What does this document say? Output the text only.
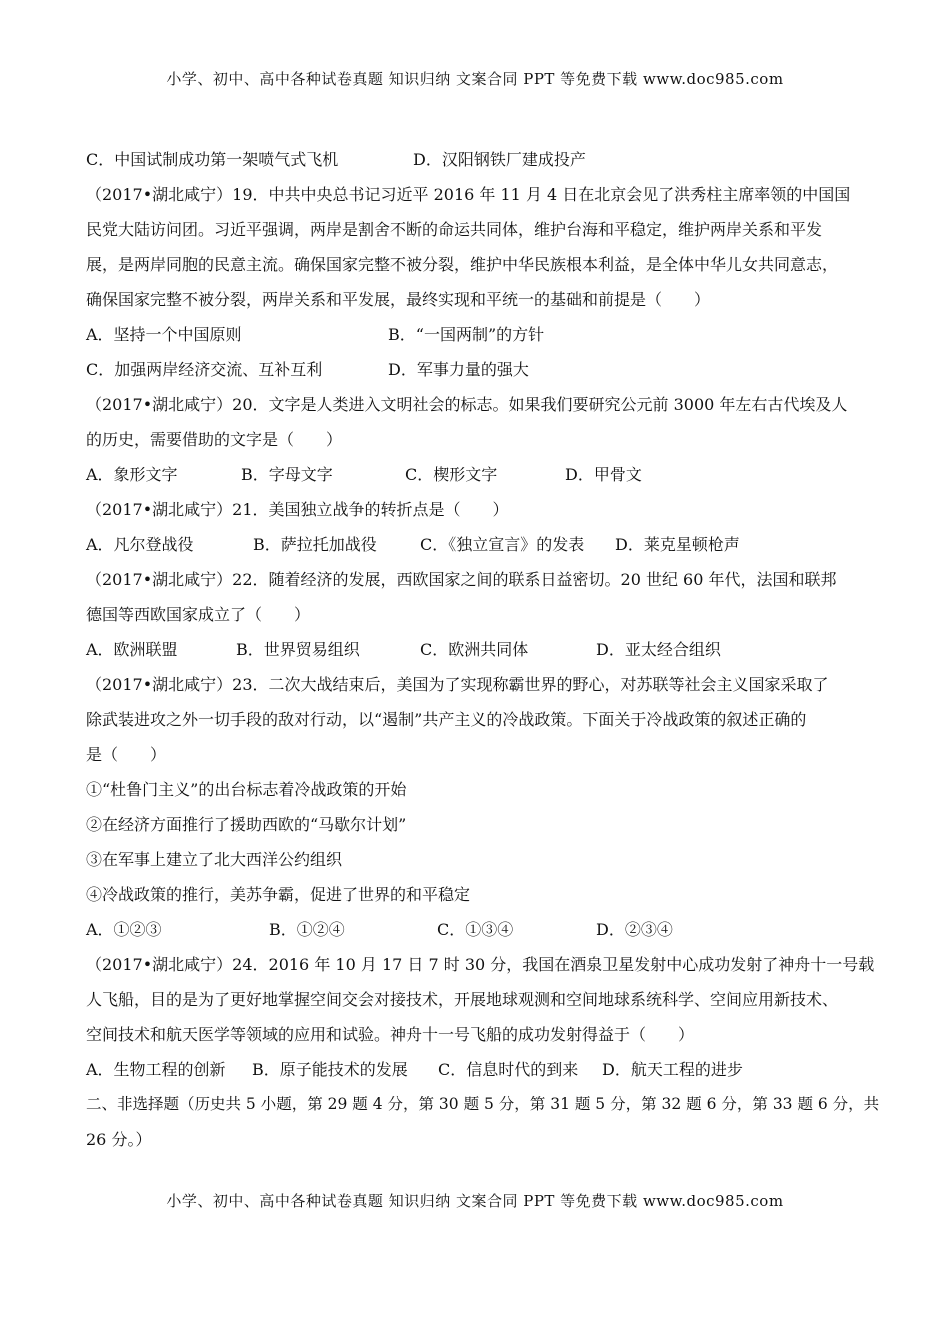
小学、初中、高中各种试卷真题 知识归纳 文案合同 PPT 等免费下载 www.doc985.com
C．中国试制成功第一架喷气式飞机	D．汉阳钢铁厂建成投产
（2017•湖北咸宁）19．中共中央总书记习近平 2016 年 11 月 4 日在北京会见了洪秀柱主席率领的中国国
民党大陆访问团。习近平强调，两岸是割舍不断的命运共同体，维护台海和平稳定，维护两岸关系和平发
展，是两岸同胞的民意主流。确保国家完整不被分裂，维护中华民族根本利益，是全体中华儿女共同意志，
确保国家完整不被分裂，两岸关系和平发展，最终实现和平统一的基础和前提是（　　）
A．坚持一个中国原则	B．“一国两制”的方针
C．加强两岸经济交流、互补互利	D．军事力量的强大
（2017•湖北咸宁）20．文字是人类进入文明社会的标志。如果我们要研究公元前 3000 年左右古代埃及人
的历史，需要借助的文字是（　　）
A．象形文字	B．字母文字	C．楔形文字	D．甲骨文
（2017•湖北咸宁）21．美国独立战争的转折点是（　　）
A．凡尔登战役	B．萨拉托加战役	C．《独立宣言》的发表	D．莱克星顿枪声
（2017•湖北咸宁）22．随着经济的发展，西欧国家之间的联系日益密切。20 世纪 60 年代，法国和联邦
德国等西欧国家成立了（　　）
A．欧洲联盟	B．世界贸易组织	C．欧洲共同体	D．亚太经合组织
（2017•湖北咸宁）23．二次大战结束后，美国为了实现称霸世界的野心，对苏联等社会主义国家采取了
除武装进攻之外一切手段的敌对行动，以“遏制”共产主义的冷战政策。下面关于冷战政策的叙述正确的
是（　　）
①“杜鲁门主义”的出台标志着冷战政策的开始
②在经济方面推行了援助西欧的“马歇尔计划”
③在军事上建立了北大西洋公约组织
④冷战政策的推行，美苏争霸，促进了世界的和平稳定
A．①②③	B．①②④	C．①③④	D．②③④
（2017•湖北咸宁）24．2016 年 10 月 17 日 7 时 30 分，我国在酒泉卫星发射中心成功发射了神舟十一号载
人飞船，目的是为了更好地掌握空间交会对接技术，开展地球观测和空间地球系统科学、空间应用新技术、
空间技术和航天医学等领域的应用和试验。神舟十一号飞船的成功发射得益于（　　）
A．生物工程的创新	B．原子能技术的发展	C．信息时代的到来	D．航天工程的进步
二、非选择题（历史共 5 小题，第 29 题 4 分，第 30 题 5 分，第 31 题 5 分，第 32 题 6 分，第 33 题 6 分，共
26 分。）
小学、初中、高中各种试卷真题 知识归纳 文案合同 PPT 等免费下载 www.doc985.com
